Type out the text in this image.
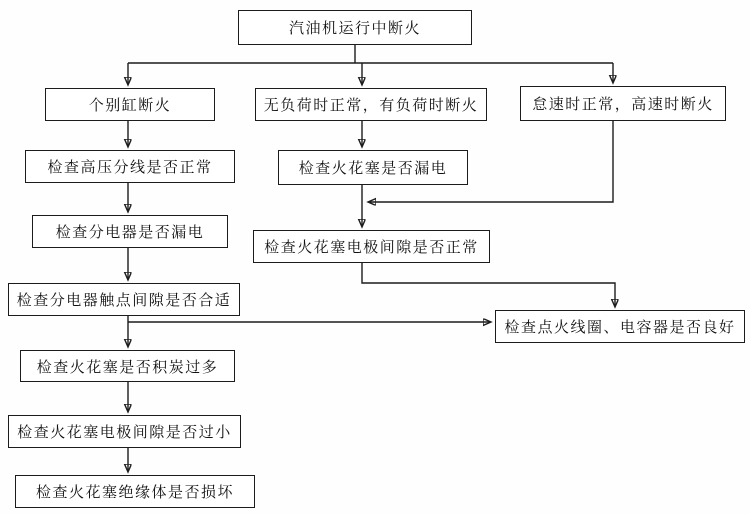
汽油机运行中断火
个别缸断火	无负荷时正常，有负荷时断火	怠速时正常，高速时断火
检查高压分线是否正常	检查火花塞是否漏电
检查分电器是否漏电
检查火花塞电极间隙是否正常
检查分电器触点间隙是否合适
检查点火线圈、电容器是否良好
检查火花塞是否积炭过多
检查火花塞电极间隙是否过小
检查火花塞绝缘体是否损坏
